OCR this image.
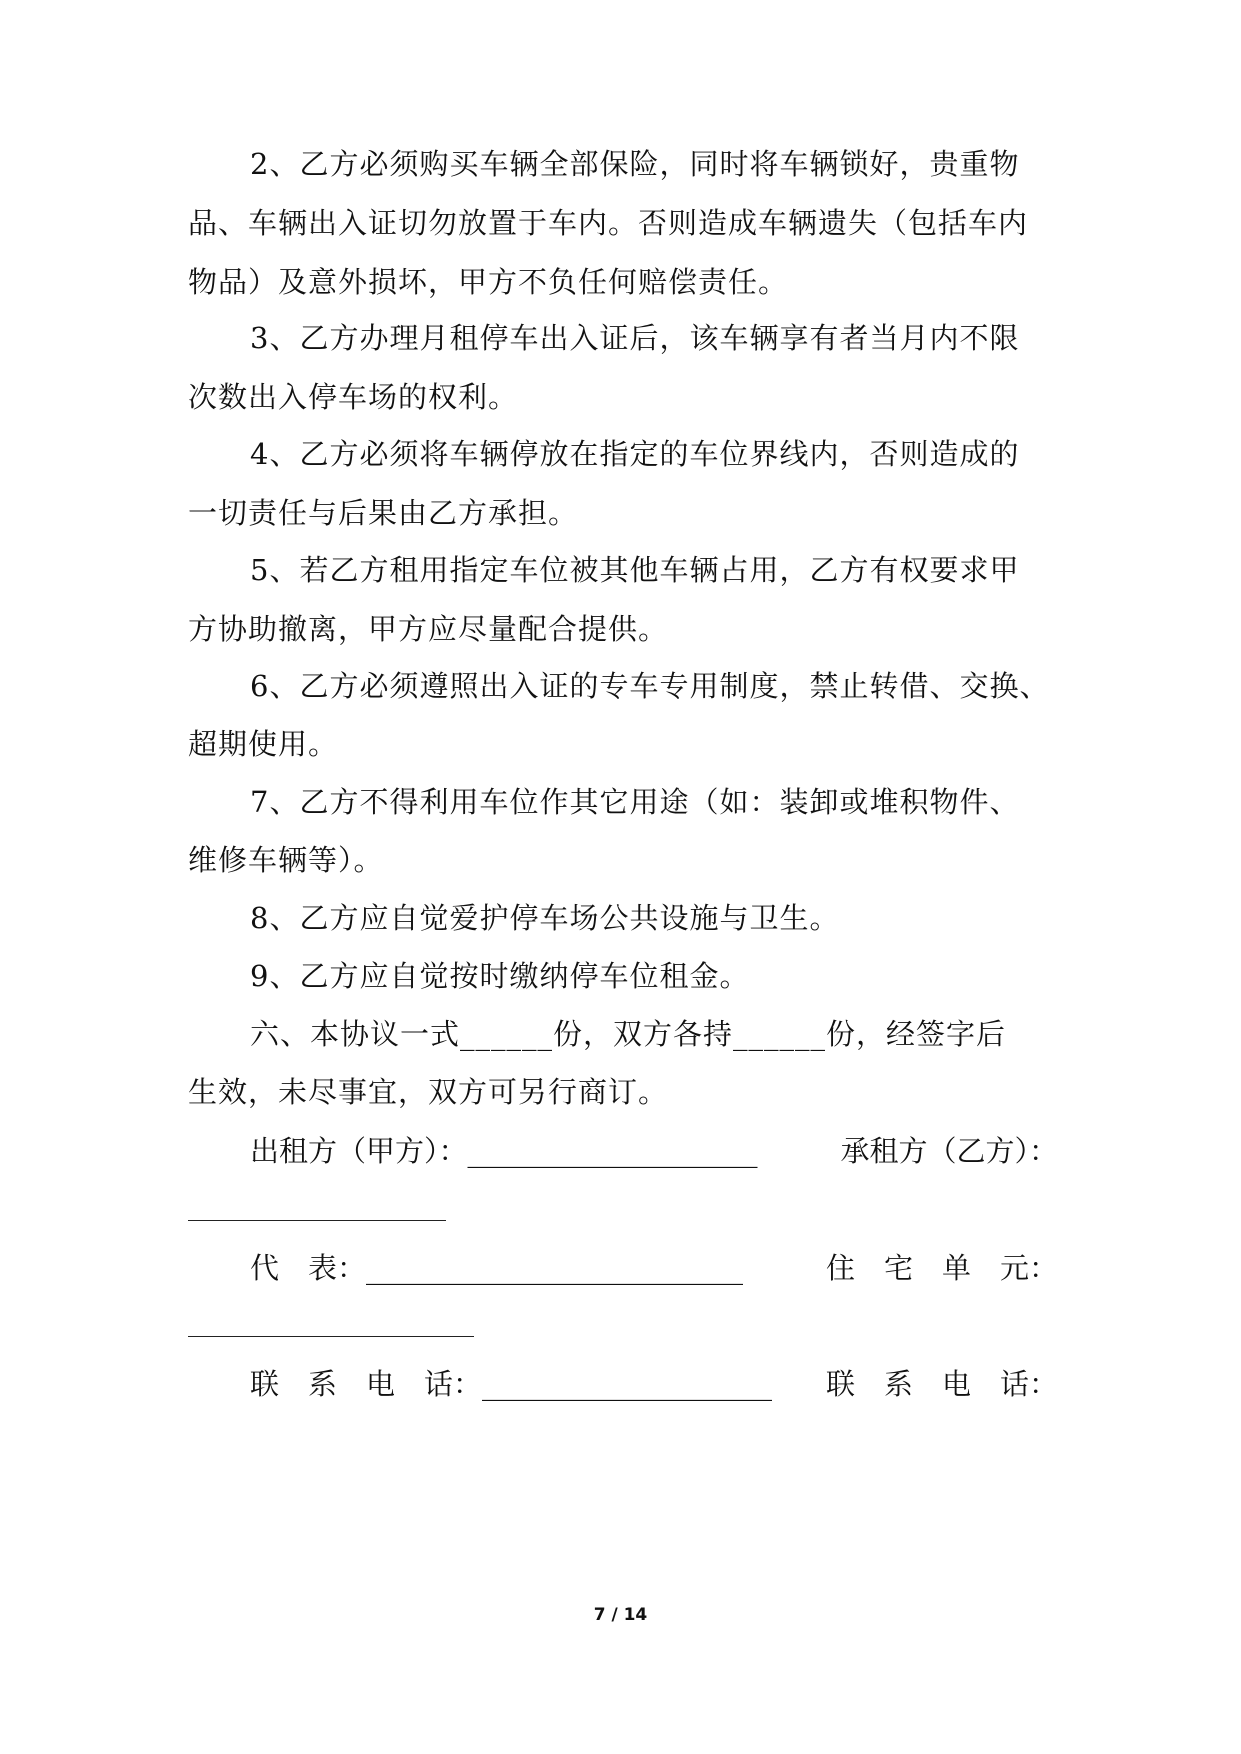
2、乙方必须购买车辆全部保险，同时将车辆锁好，贵重物
品、车辆出入证切勿放置于车内。否则造成车辆遗失（包括车内
物品）及意外损坏，甲方不负任何赔偿责任。
3、乙方办理月租停车出入证后，该车辆享有者当月内不限
次数出入停车场的权利。
4、乙方必须将车辆停放在指定的车位界线内，否则造成的
一切责任与后果由乙方承担。
5、若乙方租用指定车位被其他车辆占用，乙方有权要求甲
方协助撤离，甲方应尽量配合提供。
6、乙方必须遵照出入证的专车专用制度，禁止转借、交换、
超期使用。
7、乙方不得利用车位作其它用途（如：装卸或堆积物件、
维修车辆等）。
8、乙方应自觉爱护停车场公共设施与卫生。
9、乙方应自觉按时缴纳停车位租金。
六、本协议一式______份，双方各持______份，经签字后
生效，未尽事宜，双方可另行商订。
出租方（甲方）：____________________	承租方（乙方）：
代　表：__________________________	住　宅　单　元：
联　系　电　话：____________________ 联　系　电　话：
7 / 14
